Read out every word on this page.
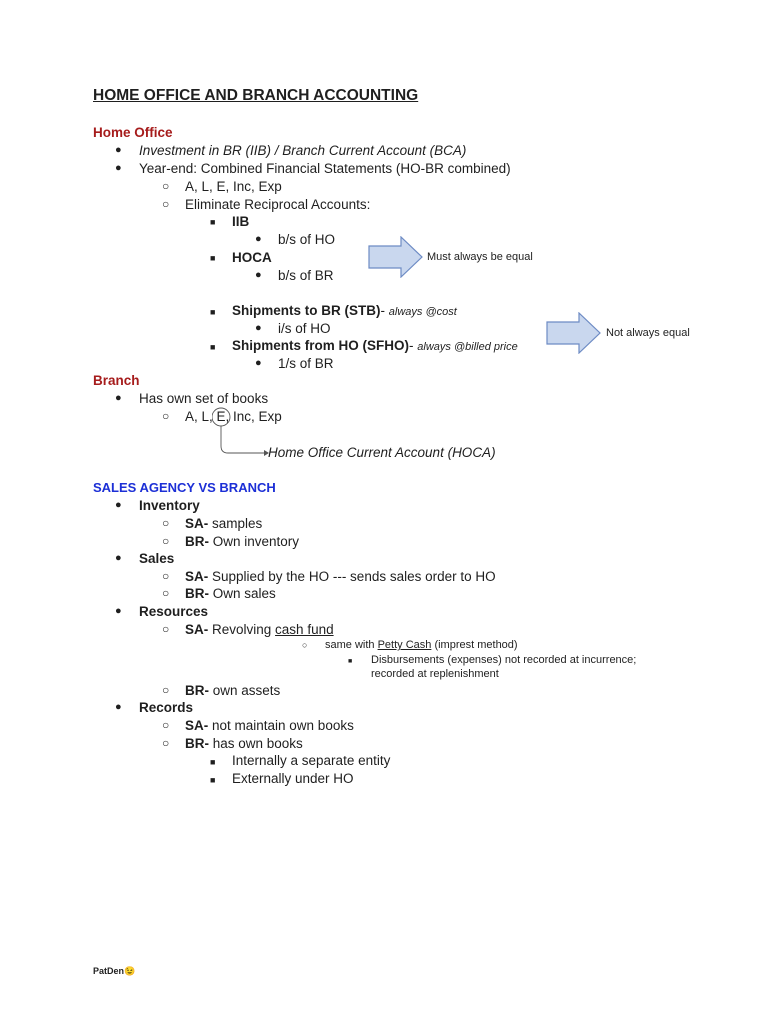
HOME OFFICE AND BRANCH ACCOUNTING
Home Office
● Investment in BR (IIB) / Branch Current Account (BCA)
● Year-end: Combined Financial Statements (HO-BR combined)
○ A, L, E, Inc, Exp
○ Eliminate Reciprocal Accounts:
■ IIB
● b/s of HO
■ HOCA
● b/s of BR
Must always be equal
■ Shipments to BR (STB)- always @cost
● i/s of HO
■ Shipments from HO (SFHO)- always @billed price
● 1/s of BR
Not always equal
Branch
● Has own set of books
○ A, L, E, Inc, Exp
Home Office Current Account (HOCA)
SALES AGENCY VS BRANCH
● Inventory
○ SA- samples
○ BR- Own inventory
● Sales
○ SA- Supplied by the HO --- sends sales order to HO
○ BR- Own sales
● Resources
○ SA- Revolving cash fund
○ same with Petty Cash (imprest method)
■ Disbursements (expenses) not recorded at incurrence;
recorded at replenishment
○ BR- own assets
● Records
○ SA- not maintain own books
○ BR- has own books
■ Internally a separate entity
■ Externally under HO
PatDen😉
